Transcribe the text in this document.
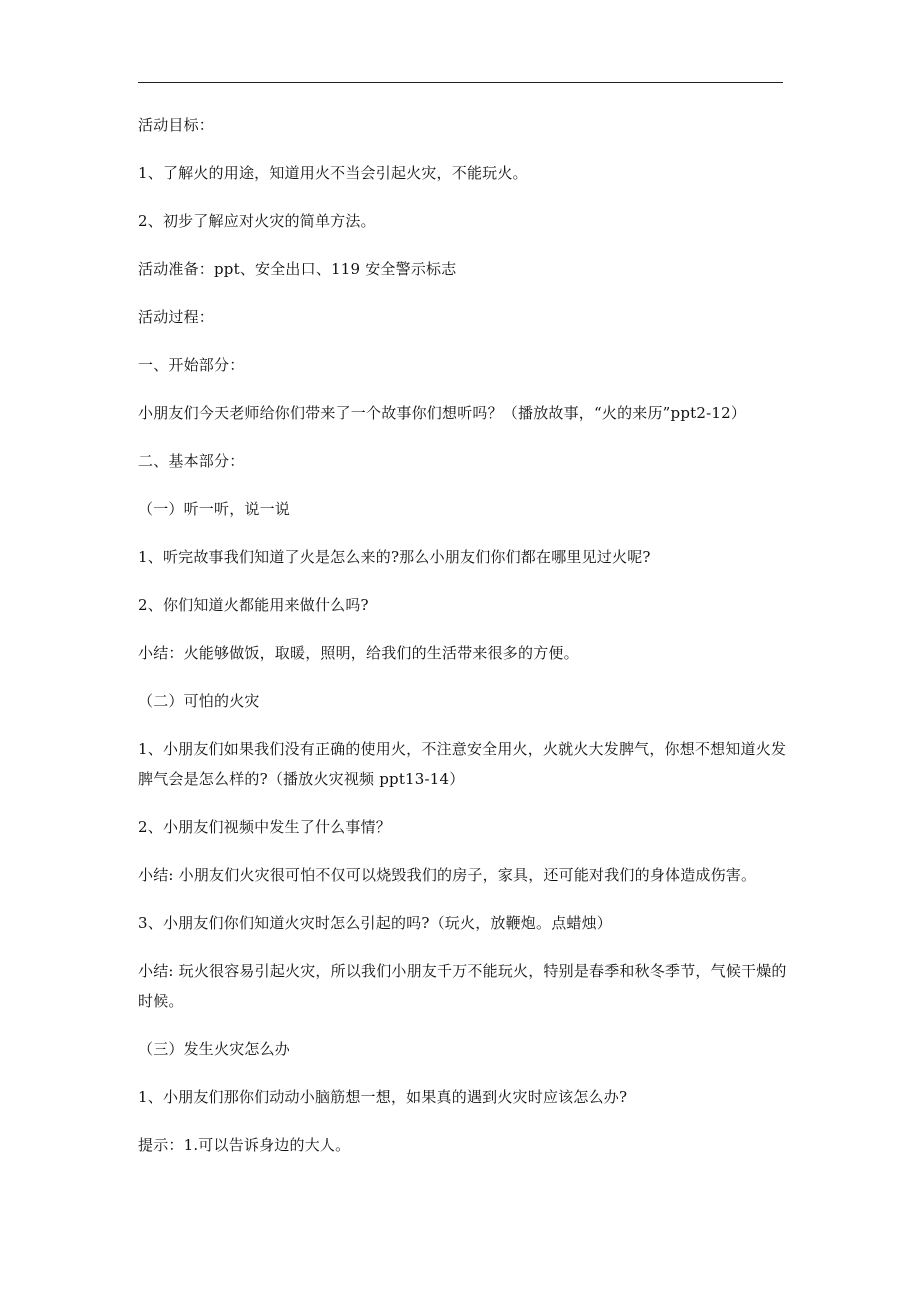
活动目标：

1、了解火的用途，知道用火不当会引起火灾，不能玩火。

2、初步了解应对火灾的简单方法。

活动准备：ppt、安全出口、119 安全警示标志

活动过程：

一、开始部分：

小朋友们今天老师给你们带来了一个故事你们想听吗？（播放故事，“火的来历”ppt2-12）

二、基本部分：

（一）听一听，说一说

1、听完故事我们知道了火是怎么来的?那么小朋友们你们都在哪里见过火呢?

2、你们知道火都能用来做什么吗?

小结：火能够做饭，取暖，照明，给我们的生活带来很多的方便。

（二）可怕的火灾

1、小朋友们如果我们没有正确的使用火，不注意安全用火，火就火大发脾气，你想不想知道火发脾气会是怎么样的?（播放火灾视频 ppt13-14）

2、小朋友们视频中发生了什么事情？

小结: 小朋友们火灾很可怕不仅可以烧毁我们的房子，家具，还可能对我们的身体造成伤害。

3、小朋友们你们知道火灾时怎么引起的吗?（玩火，放鞭炮。点蜡烛）

小结: 玩火很容易引起火灾，所以我们小朋友千万不能玩火，特别是春季和秋冬季节，气候干燥的时候。

（三）发生火灾怎么办

1、小朋友们那你们动动小脑筋想一想，如果真的遇到火灾时应该怎么办?

提示：1.可以告诉身边的大人。
